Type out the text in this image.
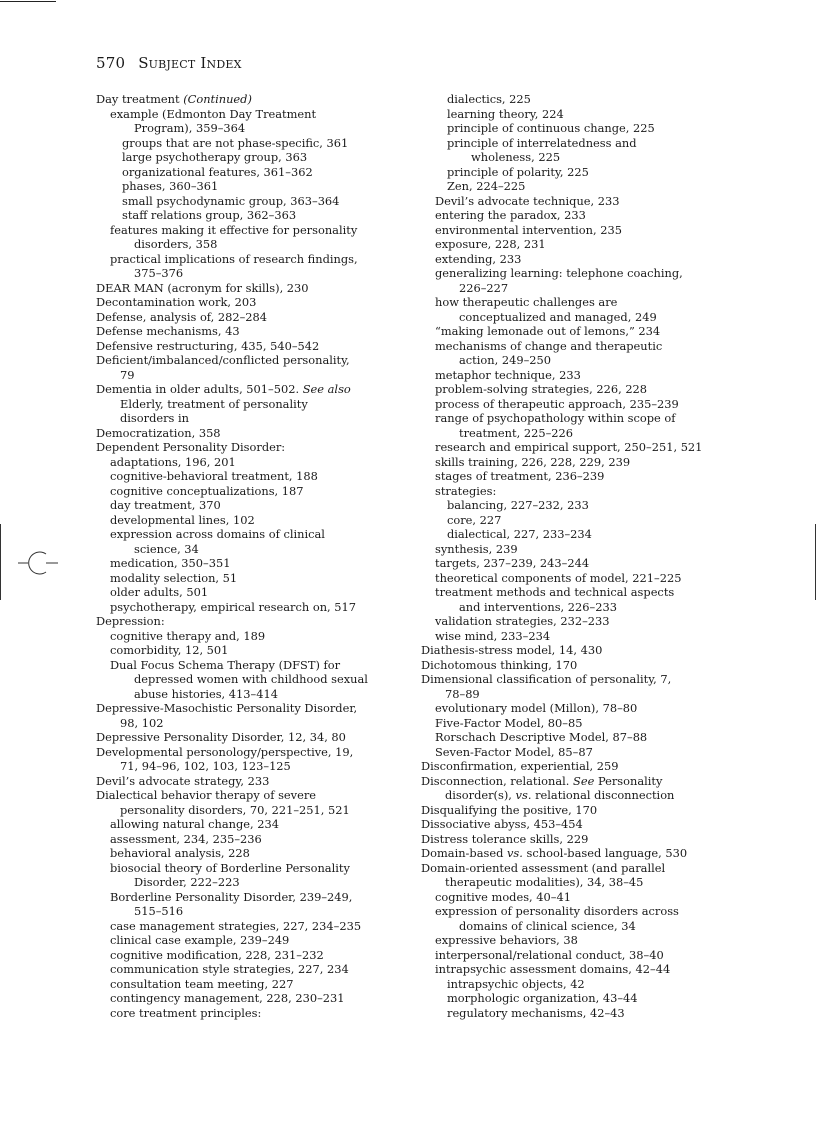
570 Subject Index
Day treatment (Continued)
example (Edmonton Day Treatment
Program), 359–364
groups that are not phase-specific, 361
large psychotherapy group, 363
organizational features, 361–362
phases, 360–361
small psychodynamic group, 363–364
staff relations group, 362–363
features making it effective for personality
disorders, 358
practical implications of research findings,
375–376
DEAR MAN (acronym for skills), 230
Decontamination work, 203
Defense, analysis of, 282–284
Defense mechanisms, 43
Defensive restructuring, 435, 540–542
Deficient/imbalanced/conflicted personality,
79
Dementia in older adults, 501–502. See also
Elderly, treatment of personality
disorders in
Democratization, 358
Dependent Personality Disorder:
adaptations, 196, 201
cognitive-behavioral treatment, 188
cognitive conceptualizations, 187
day treatment, 370
developmental lines, 102
expression across domains of clinical
science, 34
medication, 350–351
modality selection, 51
older adults, 501
psychotherapy, empirical research on, 517
Depression:
cognitive therapy and, 189
comorbidity, 12, 501
Dual Focus Schema Therapy (DFST) for
depressed women with childhood sexual
abuse histories, 413–414
Depressive-Masochistic Personality Disorder,
98, 102
Depressive Personality Disorder, 12, 34, 80
Developmental personology/perspective, 19,
71, 94–96, 102, 103, 123–125
Devil’s advocate strategy, 233
Dialectical behavior therapy of severe
personality disorders, 70, 221–251, 521
allowing natural change, 234
assessment, 234, 235–236
behavioral analysis, 228
biosocial theory of Borderline Personality
Disorder, 222–223
Borderline Personality Disorder, 239–249,
515–516
case management strategies, 227, 234–235
clinical case example, 239–249
cognitive modification, 228, 231–232
communication style strategies, 227, 234
consultation team meeting, 227
contingency management, 228, 230–231
core treatment principles:
dialectics, 225
learning theory, 224
principle of continuous change, 225
principle of interrelatedness and
wholeness, 225
principle of polarity, 225
Zen, 224–225
Devil’s advocate technique, 233
entering the paradox, 233
environmental intervention, 235
exposure, 228, 231
extending, 233
generalizing learning: telephone coaching,
226–227
how therapeutic challenges are
conceptualized and managed, 249
“making lemonade out of lemons,” 234
mechanisms of change and therapeutic
action, 249–250
metaphor technique, 233
problem-solving strategies, 226, 228
process of therapeutic approach, 235–239
range of psychopathology within scope of
treatment, 225–226
research and empirical support, 250–251, 521
skills training, 226, 228, 229, 239
stages of treatment, 236–239
strategies:
balancing, 227–232, 233
core, 227
dialectical, 227, 233–234
synthesis, 239
targets, 237–239, 243–244
theoretical components of model, 221–225
treatment methods and technical aspects
and interventions, 226–233
validation strategies, 232–233
wise mind, 233–234
Diathesis-stress model, 14, 430
Dichotomous thinking, 170
Dimensional classification of personality, 7,
78–89
evolutionary model (Millon), 78–80
Five-Factor Model, 80–85
Rorschach Descriptive Model, 87–88
Seven-Factor Model, 85–87
Disconfirmation, experiential, 259
Disconnection, relational. See Personality
disorder(s), vs. relational disconnection
Disqualifying the positive, 170
Dissociative abyss, 453–454
Distress tolerance skills, 229
Domain-based vs. school-based language, 530
Domain-oriented assessment (and parallel
therapeutic modalities), 34, 38–45
cognitive modes, 40–41
expression of personality disorders across
domains of clinical science, 34
expressive behaviors, 38
interpersonal/relational conduct, 38–40
intrapsychic assessment domains, 42–44
intrapsychic objects, 42
morphologic organization, 43–44
regulatory mechanisms, 42–43
